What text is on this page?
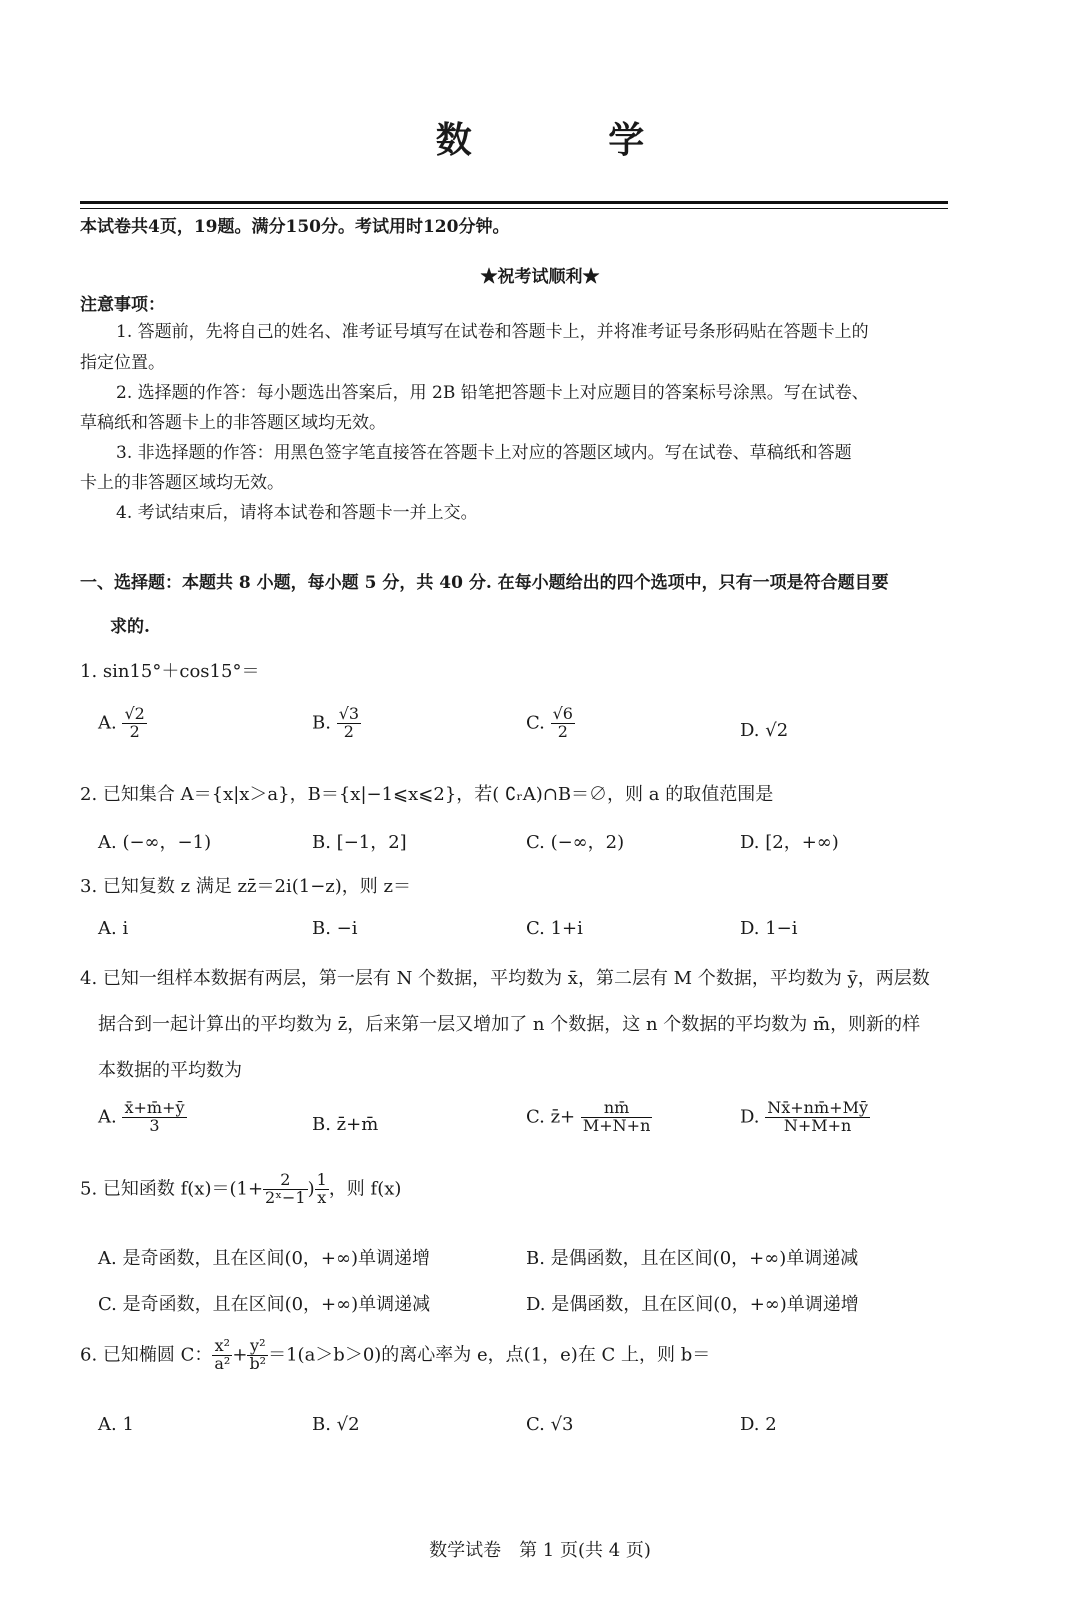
数 学
本试卷共4页，19题。满分150分。考试用时120分钟。
★祝考试顺利★
注意事项：
1. 答题前，先将自己的姓名、准考证号填写在试卷和答题卡上，并将准考证号条形码贴在答题卡上的
指定位置。
2. 选择题的作答：每小题选出答案后，用 2B 铅笔把答题卡上对应题目的答案标号涂黑。写在试卷、
草稿纸和答题卡上的非答题区域均无效。
3. 非选择题的作答：用黑色签字笔直接答在答题卡上对应的答题区域内。写在试卷、草稿纸和答题
卡上的非答题区域均无效。
4. 考试结束后，请将本试卷和答题卡一并上交。
一、选择题：本题共 8 小题，每小题 5 分，共 40 分. 在每小题给出的四个选项中，只有一项是符合题目要
求的.
1. sin15°＋cos15°＝
A. $\frac{√2}{2}$	B. $\frac{√3}{2}$	C. $\frac{√6}{2}$	D. √2
2. 已知集合 A＝{x|x＞a}，B＝{x|−1⩽x⩽2}，若( ∁ᵣA)∩B＝∅，则 a 的取值范围是
A. (−∞，−1)	B. [−1，2]	C. (−∞，2)	D. [2，+∞)
3. 已知复数 z 满足 zz̄＝2i(1−z)，则 z＝
A. i	B. −i	C. 1+i	D. 1−i
4. 已知一组样本数据有两层，第一层有 N 个数据，平均数为 x̄，第二层有 M 个数据，平均数为 ȳ，两层数
据合到一起计算出的平均数为 z̄，后来第一层又增加了 n 个数据，这 n 个数据的平均数为 m̄，则新的样
本数据的平均数为
A. $\frac{x̄+m̄+ȳ}{3}$	B. z̄+m̄	C. z̄+ $\frac{nm̄}{M+N+n}$	D. $\frac{Nx̄+nm̄+Mȳ}{N+M+n}$
5. 已知函数 $f(x)=(1+ \frac{2}{\text{2ˣ−1}}$ ) $\frac{1}{x}$ ，则 f(x)
A. 是奇函数，且在区间(0，+∞)单调递增	B. 是偶函数，且在区间(0，+∞)单调递减
C. 是奇函数，且在区间(0，+∞)单调递减	D. 是偶函数，且在区间(0，+∞)单调递增
6. 已知椭圆 C： $\frac{\text{x²}}{\text{a²}} + \frac{\text{y²}}{\text{b²}} =1(a>b>0)$的离心率为 e，点(1，e)在 C 上，则 b＝
A. 1	B. √2	C. √3	D. 2
数学试卷　第 1 页(共 4 页)
